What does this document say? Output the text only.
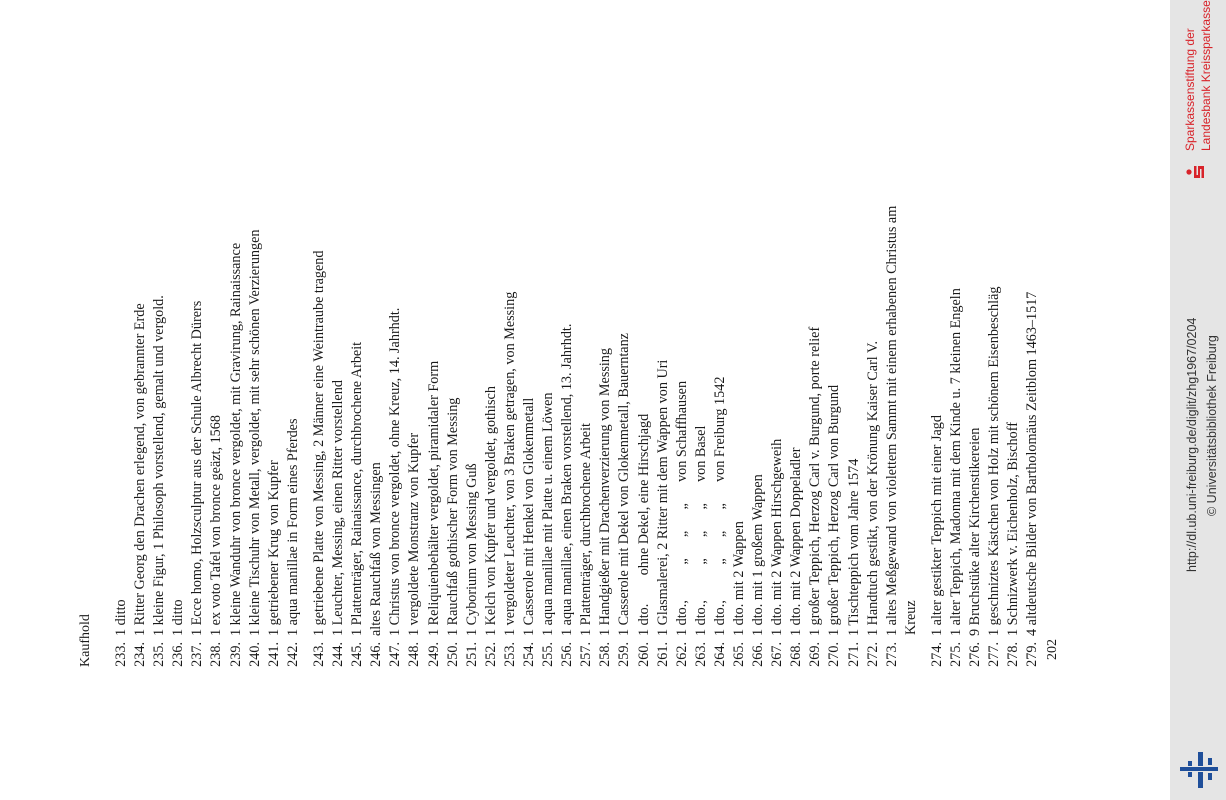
Kaufhold 233.
1 ditto
234.
1 Ritter Georg den Drachen erlegend, von gebrannter Erde
235.
1 kleine Figur, 1 Philosoph vorstellend, gemalt und vergold.
236.
1 ditto
237.
1 Ecce homo, Holzsculptur aus der Schule Albrecht Dürers
238.
1 ex voto Tafel von bronce geäzt, 1568
239.
1 kleine Wanduhr von bronce vergoldet, mit Gravirung, Rainaissance
240.
1 kleine Tischuhr von Metall, vergoldet, mit sehr schönen Verzierungen
241.
1 getriebener Krug von Kupfer
242.
1 aqua manillae in Form eines Pferdes
243.
1 getriebene Platte von Messing, 2 Männer eine Weintraube tragend
244.
1 Leuchter, Messing, einen Ritter vorstellend
245.
1 Plattenträger, Rainaissance, durchbrochene Arbeit
246.
altes Rauchfaß von Messingen
247.
1 Christus von bronce vergoldet, ohne Kreuz, 14. Jahrhdt.
248.
1 vergoldete Monstranz von Kupfer
249.
1 Reliquienbehälter vergoldet, piramidaler Form
250.
1 Rauchfaß gothischer Form von Messing
251.
1 Cyborium von Messing Guß
252.
1 Kelch von Kupfer und vergoldet, gothisch
253.
1 vergoldeter Leuchter, von 3 Braken getragen, von Messing
254.
1 Casserole mit Henkel von Glokenmetall
255.
1 aqua manillae mit Platte u. einem Löwen
256.
1 aqua manillae, einen Braken vorstellend, 13. Jahrhdt.
257.
1 Plattenträger, durchbrochene Arbeit
258.
1 Handgießer mit Drachenverzierung von Messing
259.
1 Casserole mit Dekel von Glokenmetall, Bauerntanz
260.
1 dto.        ohne Dekel, eine Hirschjagd
261.
1 Glasmalerei, 2 Ritter mit dem Wappen von Uri
262.
1 dto.,          „      „      „      von Schaffhausen
263.
1 dto.,          „      „      „      von Basel
264.
1 dto.,          „      „      „      von Freiburg 1542
265.
1 dto. mit 2 Wappen
266.
1 dto. mit 1 großem Wappen
267.
1 dto. mit 2 Wappen Hirschgeweih
268.
1 dto. mit 2 Wappen Doppeladler
269.
1 großer Teppich, Herzog Carl v. Burgund, porte relief
270.
1 großer Teppich, Herzog Carl von Burgund
271.
1 Tischteppich vom Jahre 1574
272.
1 Handtuch gestikt, von der Krönung Kaiser Carl V.
273.
1 altes Meßgewand von violettem Sammt mit einem erhabenen Christus am Kreuz
274.
1 alter gestikter Teppich mit einer Jagd
275.
1 alter Teppich, Madonna mit dem Kinde u. 7 kleinen Engeln
276.
9 Bruchstüke alter Kirchenstikereien
277.
1 geschniztes Kästchen von Holz mit schönem Eisenbeschläg
278.
1 Schnizwerk v. Eichenholz, Bischoff
279.
4 altdeutsche Bilder von Bartholomäus Zeitblom 1463–1517
202
Sparkassenstiftung der Landesbank Kreissparkasse
http://dl.ub.uni-freiburg.de/diglit/zhg1967/0204 © Universitätsbibliothek Freiburg
